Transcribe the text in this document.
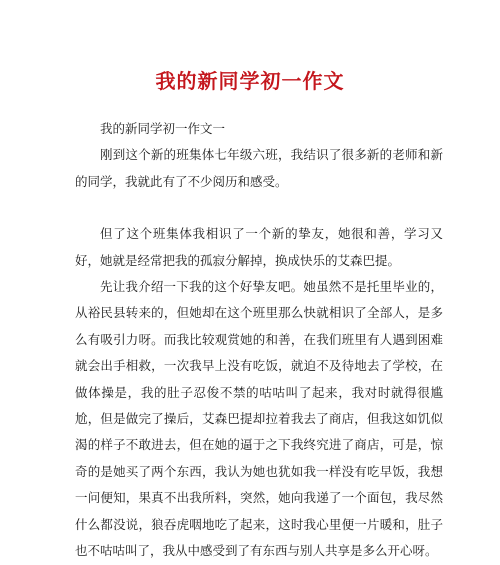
我的新同学初一作文
我的新同学初一作文一

刚到这个新的班集体七年级六班，我结识了很多新的老师和新的同学，我就此有了不少阅历和感受。

但了这个班集体我相识了一个新的挚友，她很和善，学习又好，她就是经常把我的孤寂分解掉，换成快乐的艾森巴提。

先让我介绍一下我的这个好挚友吧。她虽然不是托里毕业的，从裕民县转来的，但她却在这个班里那么快就相识了全部人，是多么有吸引力呀。而我比较观赏她的和善，在我们班里有人遇到困难就会出手相救，一次我早上没有吃饭，就迫不及待地去了学校，在做体操是，我的肚子忍俊不禁的咕咕叫了起来，我对时就得很尴尬，但是做完了操后，艾森巴提却拉着我去了商店，但我这如饥似渴的样子不敢进去，但在她的逼于之下我终究进了商店，可是，惊奇的是她买了两个东西，我认为她也犹如我一样没有吃早饭，我想一问便知，果真不出我所料，突然，她向我递了一个面包，我尽然什么都没说，狼吞虎咽地吃了起来，这时我心里便一片暖和，肚子也不咕咕叫了，我从中感受到了有东西与别人共享是多么开心呀。
